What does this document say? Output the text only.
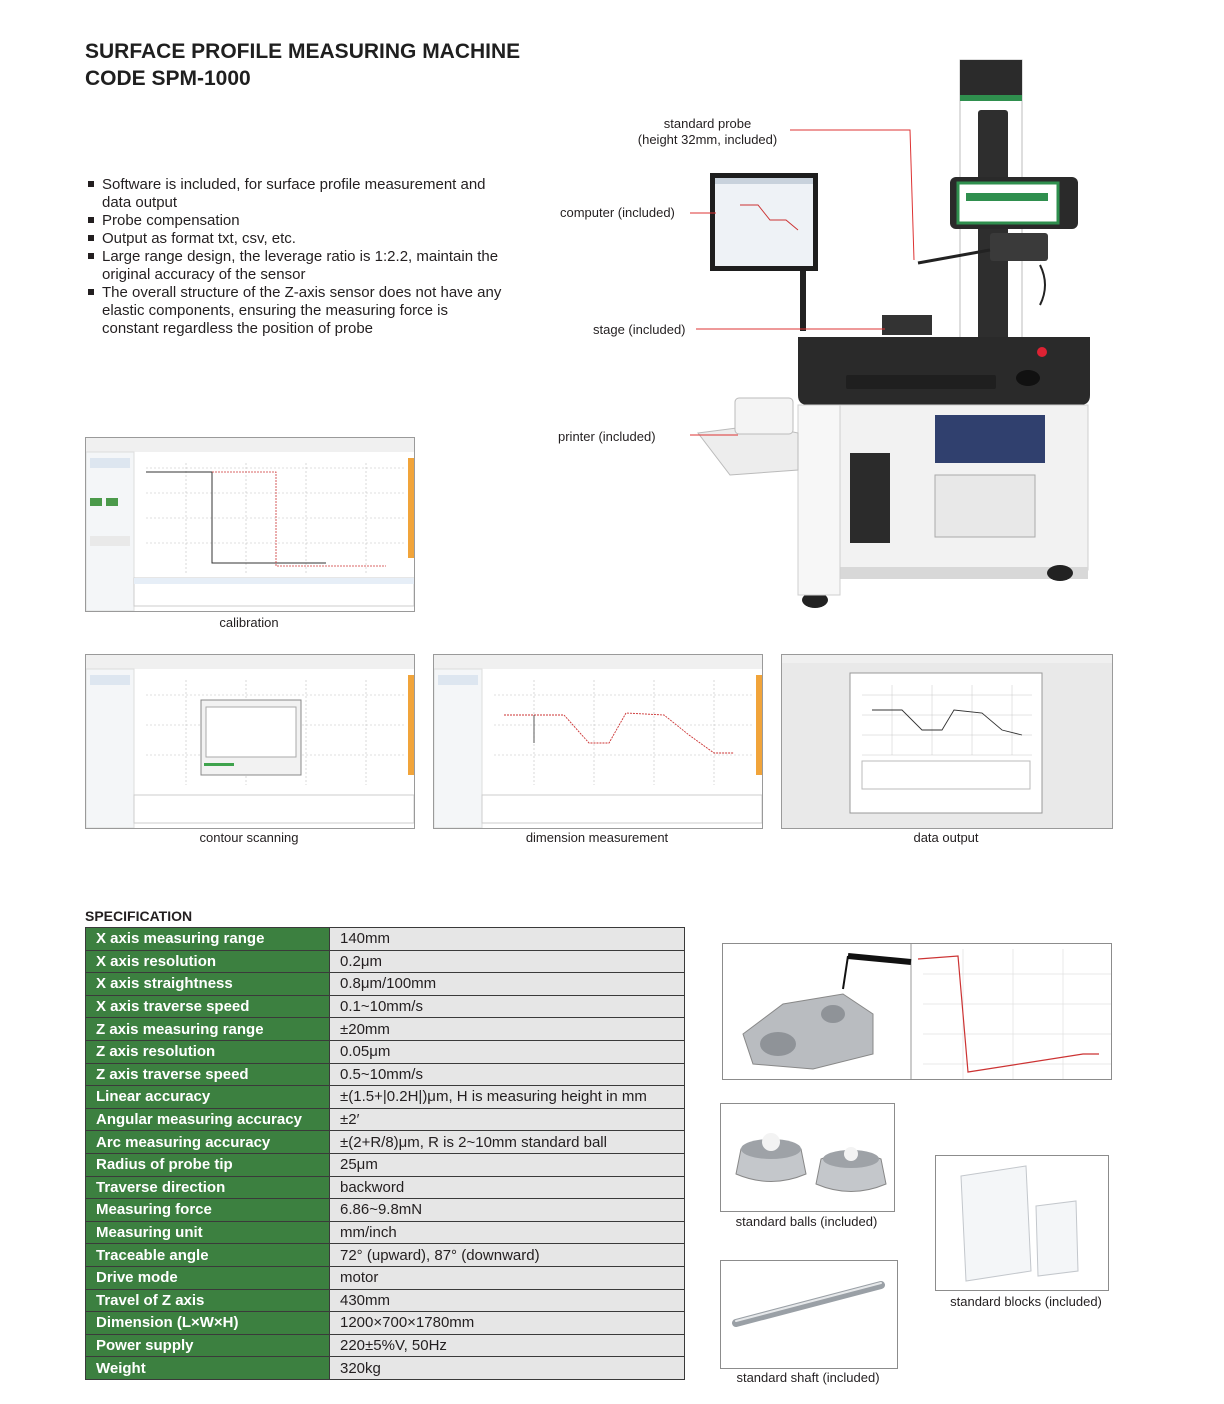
SURFACE PROFILE MEASURING MACHINE
CODE SPM-1000
Software is included, for surface profile measurement and data output
Probe compensation
Output as format txt, csv, etc.
Large range design, the leverage ratio is 1:2.2, maintain the original accuracy of the sensor
The overall structure of the Z-axis sensor does not have any elastic components, ensuring the measuring force is constant regardless the position of probe
standard probe
(height 32mm, included)
computer (included)
stage (included)
printer (included)
calibration
contour scanning	dimension measurement	data output
SPECIFICATION
X axis measuring range	140mm
X axis resolution	0.2μm
X axis straightness	0.8μm/100mm
X axis traverse speed	0.1~10mm/s
Z axis measuring range	±20mm
Z axis resolution	0.05μm
Z axis traverse speed	0.5~10mm/s
Linear accuracy	±(1.5+|0.2H|)μm, H is measuring height in mm
Angular measuring accuracy	±2′
Arc measuring accuracy	±(2+R/8)μm, R is 2~10mm standard ball
Radius of probe tip	25μm
Traverse direction	backword
Measuring force	6.86~9.8mN
Measuring unit	mm/inch
Traceable angle	72° (upward), 87° (downward)
Drive mode	motor
Travel of Z axis	430mm
Dimension (L×W×H)	1200×700×1780mm
Power supply	220±5%V, 50Hz
Weight	320kg
standard balls (included)
standard blocks (included)
standard shaft (included)
